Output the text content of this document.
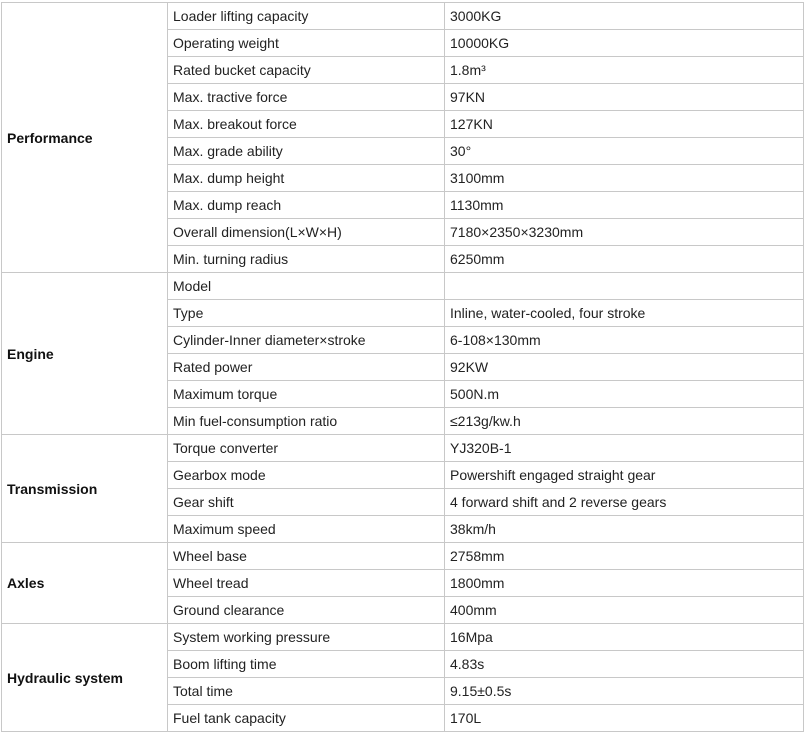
Performance	Loader lifting capacity	3000KG
	Operating weight	10000KG
	Rated bucket capacity	1.8m³
	Max. tractive force	97KN
	Max. breakout force	127KN
	Max. grade ability	30°
	Max. dump height	3100mm
	Max. dump reach	1130mm
	Overall dimension(L×W×H)	7180×2350×3230mm
	Min. turning radius	6250mm
Engine	Model	
	Type	Inline, water-cooled, four stroke
	Cylinder-Inner diameter×stroke	6-108×130mm
	Rated power	92KW
	Maximum torque	500N.m
	Min fuel-consumption ratio	≤213g/kw.h
Transmission	Torque converter	YJ320B-1
	Gearbox mode	Powershift engaged straight gear
	Gear shift	4 forward shift and 2 reverse gears
	Maximum speed	38km/h
Axles	Wheel base	2758mm
	Wheel tread	1800mm
	Ground clearance	400mm
Hydraulic system	System working pressure	16Mpa
	Boom lifting time	4.83s
	Total time	9.15±0.5s
	Fuel tank capacity	170L
